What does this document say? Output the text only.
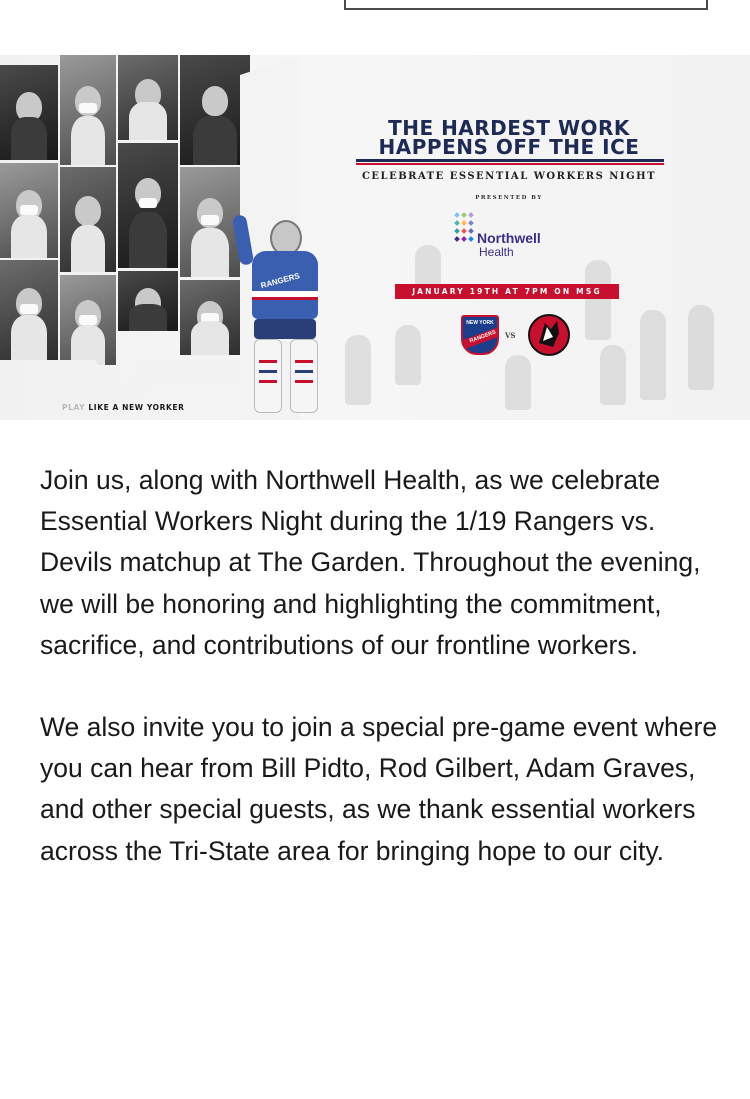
RANGERS
THE HARDEST WORK
HAPPENS OFF THE ICE
CELEBRATE ESSENTIAL WORKERS NIGHT
PRESENTED BY
Northwell
Health
JANUARY 19TH AT 7PM ON MSG
NEW YORK
RANGERS	VS
PLAY LIKE A NEW YORKER

Join us, along with Northwell Health, as we celebrate Essential Workers Night during the 1/19 Rangers vs. Devils matchup at The Garden. Throughout the evening, we will be honoring and highlighting the commitment, sacrifice, and contributions of our frontline workers.

We also invite you to join a special pre-game event where you can hear from Bill Pidto, Rod Gilbert, Adam Graves, and other special guests, as we thank essential workers across the Tri-State area for bringing hope to our city.
